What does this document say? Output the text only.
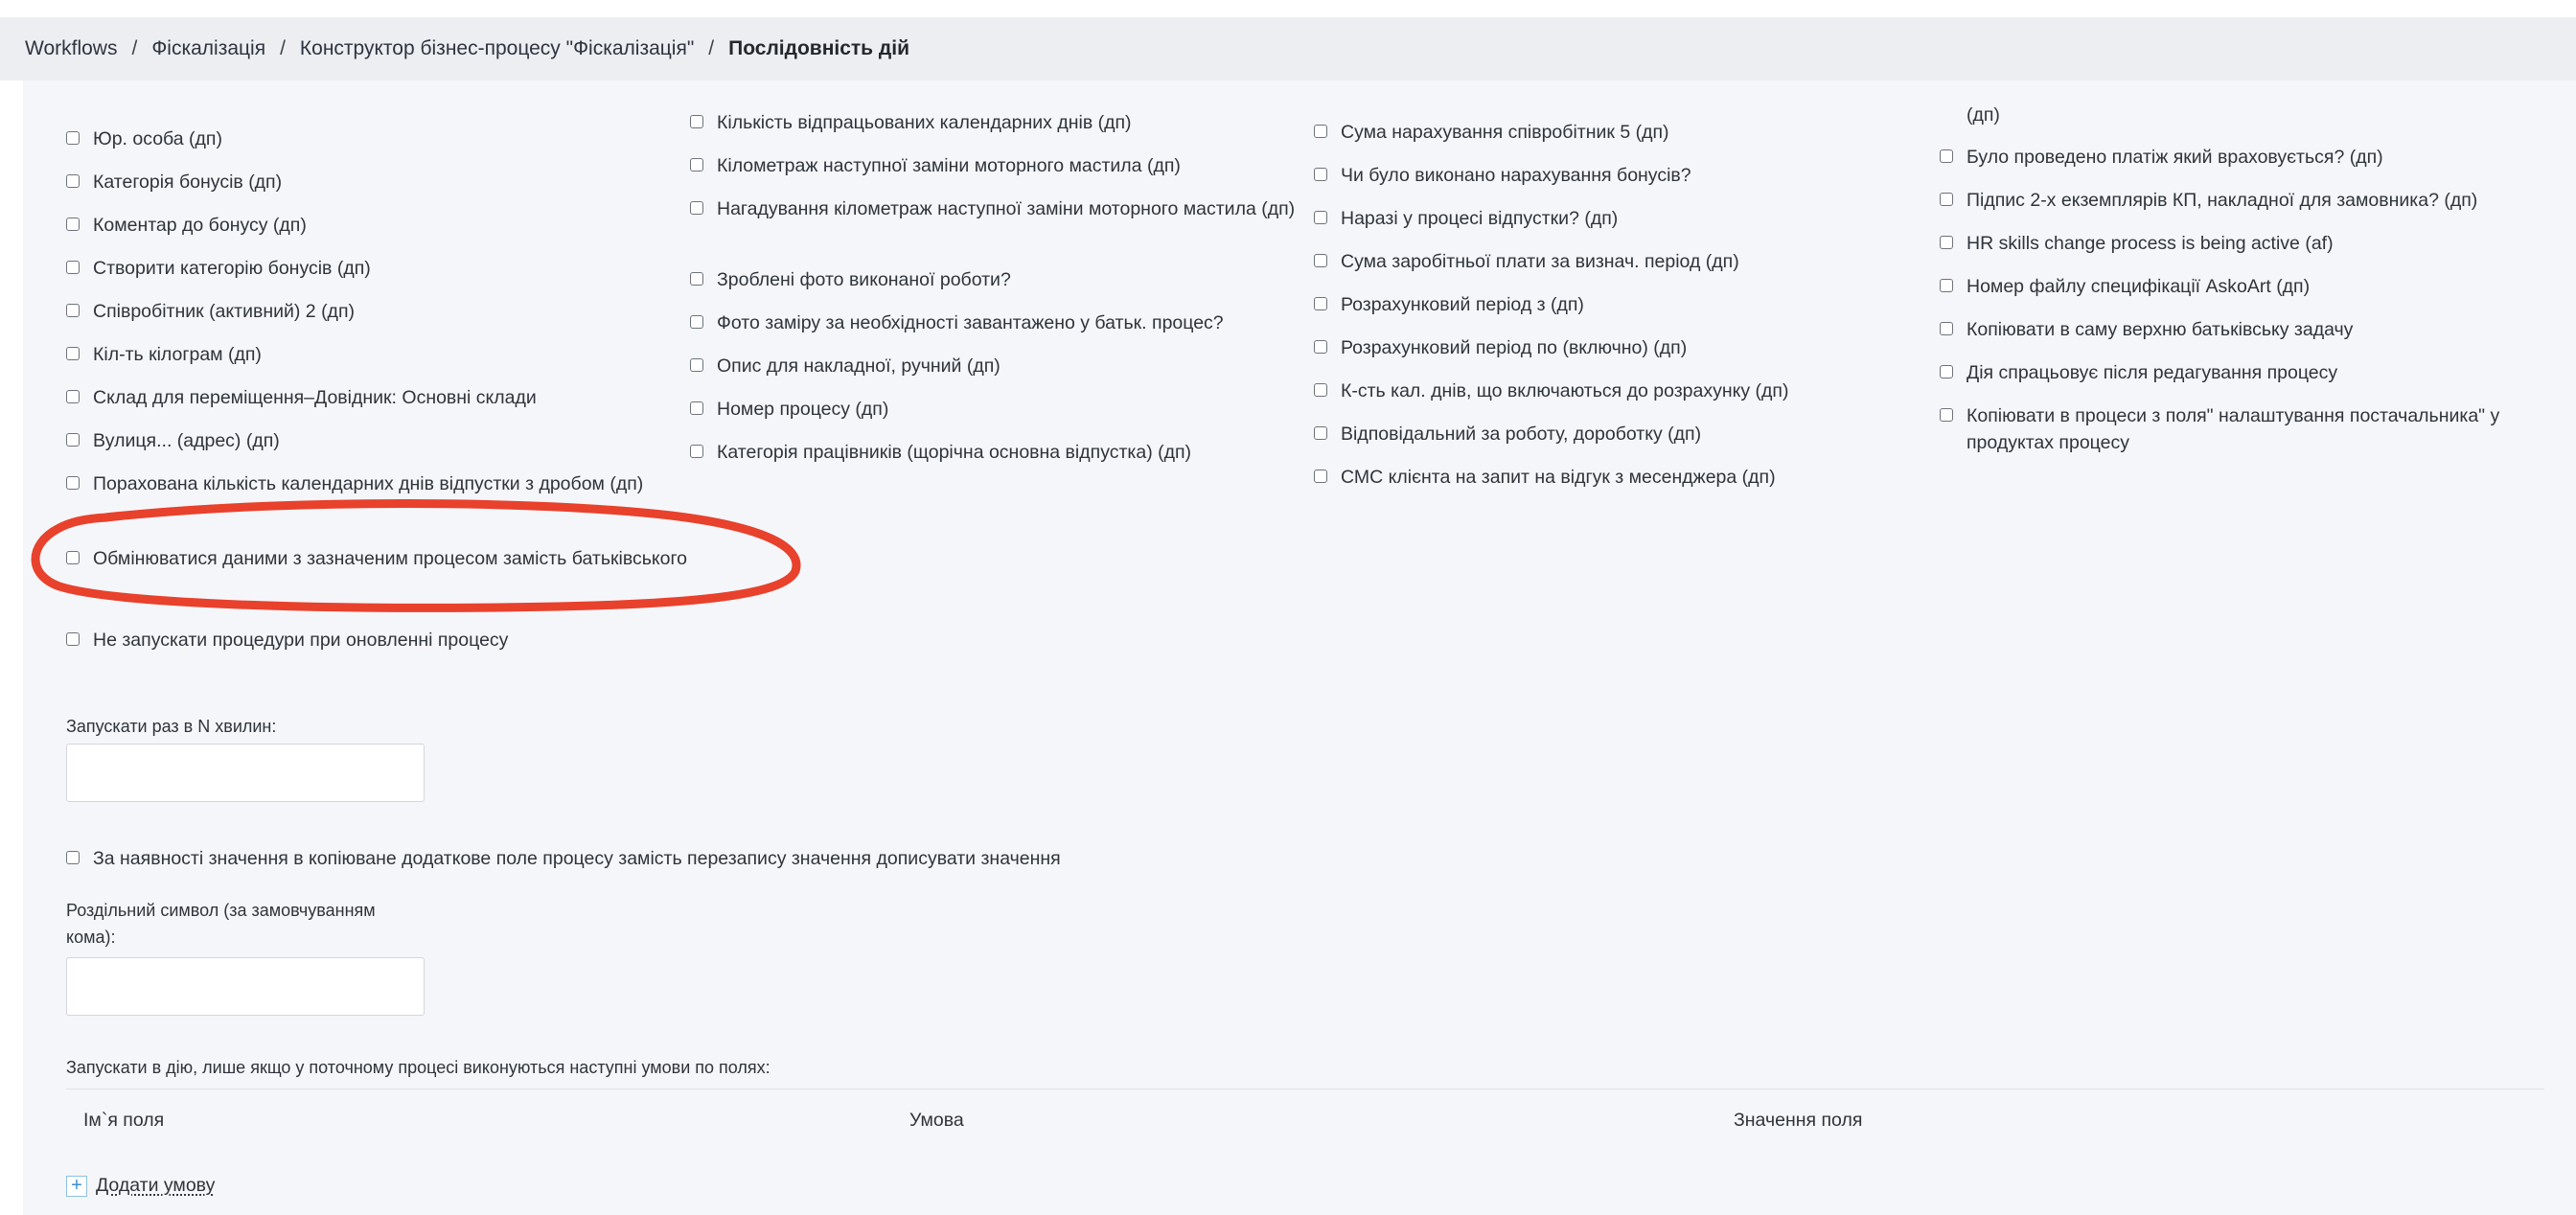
Workflows / Фіскалізація / Конструктор бізнес-процесу "Фіскалізація" / Послідовність дій
Юр. особа (дп)
Категорія бонусів (дп)
Коментар до бонусу (дп)
Створити категорію бонусів (дп)
Співробітник (активний) 2 (дп)
Кіл-ть кілограм (дп)
Склад для переміщення–Довідник: Основні склади
Вулиця... (адрес) (дп)
Порахована кількість календарних днів відпустки з дробом (дп)
Кількість відпрацьованих календарних днів (дп)
Кілометраж наступної заміни моторного мастила (дп)
Нагадування кілометраж наступної заміни моторного мастила (дп)
Зроблені фото виконаної роботи?
Фото заміру за необхідності завантажено у батьк. процес?
Опис для накладної, ручний (дп)
Номер процесу (дп)
Категорія працівників (щорічна основна відпустка) (дп)
Сума нарахування співробітник 5 (дп)
Чи було виконано нарахування бонусів?
Наразі у процесі відпустки? (дп)
Сума заробітньої плати за визнач. період (дп)
Розрахунковий період з (дп)
Розрахунковий період по (включно) (дп)
К-сть кал. днів, що включаються до розрахунку (дп)
Відповідальний за роботу, дороботку (дп)
СМС клієнта на запит на відгук з месенджера (дп)
(дп)
Було проведено платіж який враховується? (дп)
Підпис 2-х екземплярів КП, накладної для замовника? (дп)
HR skills change process is being active (af)
Номер файлу специфікації AskoArt (дп)
Копіювати в саму верхню батьківську задачу
Дія спрацьовує після редагування процесу
Копіювати в процеси з поля" налаштування постачальника" у продуктах процесу
Обмінюватися даними з зазначеним процесом замість батьківського
Не запускати процедури при оновленні процесу
Запускати раз в N хвилин:
За наявності значення в копіюване додаткове поле процесу замість перезапису значення дописувати значення
Роздільний символ (за замовчуванням кома):
Запускати в дію, лише якщо у поточному процесі виконуються наступні умови по полях:
Ім`я поля	Умова	Значення поля
+ Додати умову
